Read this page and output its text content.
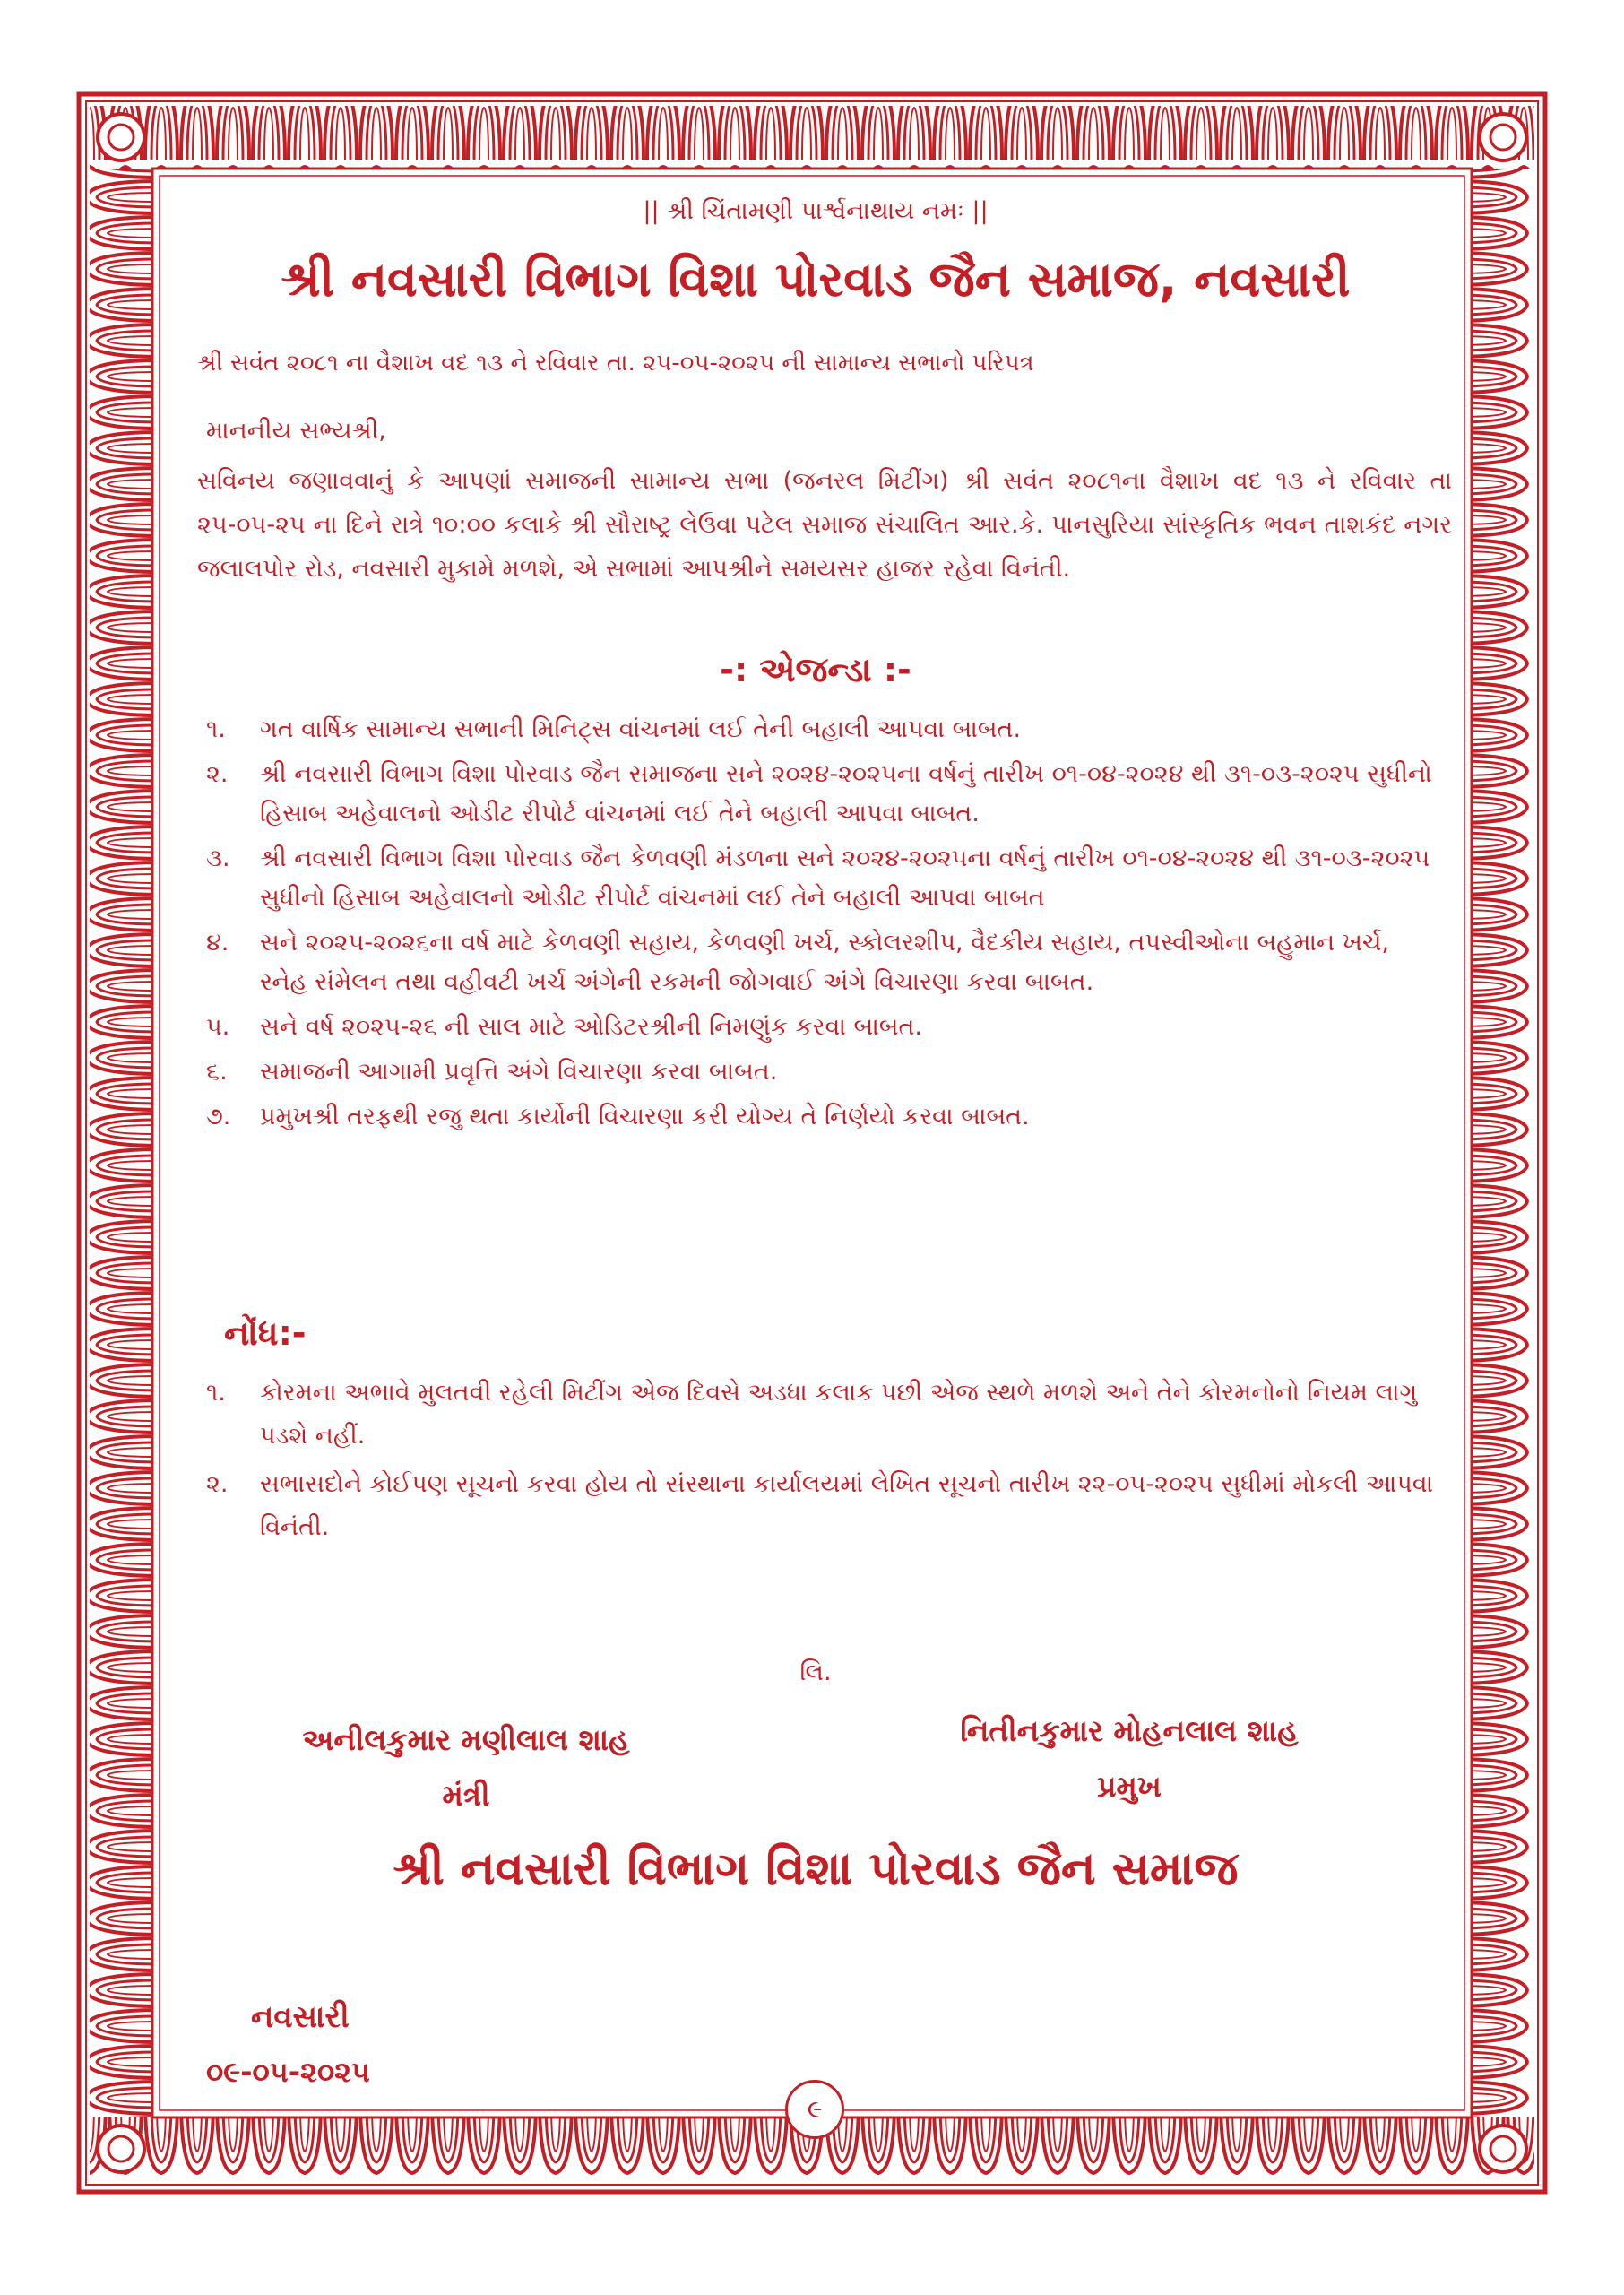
૯
|| શ્રી ચિંતામણી પાર્શ્વનાથાય નમઃ ||
શ્રી નવસારી વિભાગ વિશા પોરવાડ જૈન સમાજ, નવસારી
શ્રી સવંત ૨૦૮૧ ના વૈશાખ વદ ૧૩ ને રવિવાર તા. ૨૫-૦૫-૨૦૨૫ ની સામાન્ય સભાનો પરિપત્ર
માનનીય સભ્યશ્રી,
સવિનય જણાવવાનું કે આપણાં સમાજની સામાન્ય સભા (જનરલ મિટીંગ) શ્રી સવંત ૨૦૮૧ના વૈશાખ વદ ૧૩ ને રવિવાર તા ૨૫-૦૫-૨૫ ના દિને રાત્રે ૧૦:૦૦ કલાકે શ્રી સૌરાષ્ટ્ર લેઉવા પટેલ સમાજ સંચાલિત આર.કે. પાનસુરિયા સાંસ્કૃતિક ભવન તાશકંદ નગર જલાલપોર રોડ, નવસારી મુકામે મળશે, એ સભામાં આપશ્રીને સમયસર હાજર રહેવા વિનંતી.
-: એજન્ડા :-
૧.	ગત વાર્ષિક સામાન્ય સભાની મિનિટ્સ વાંચનમાં લઈ તેની બહાલી આપવા બાબત.
૨.	શ્રી નવસારી વિભાગ વિશા પોરવાડ જૈન સમાજના સને ૨૦૨૪-૨૦૨૫ના વર્ષનું તારીખ ૦૧-૦૪-૨૦૨૪ થી ૩૧-૦૩-૨૦૨૫ સુધીનો હિસાબ અહેવાલનો ઓડીટ રીપોર્ટ વાંચનમાં લઈ તેને બહાલી આપવા બાબત.
૩.	શ્રી નવસારી વિભાગ વિશા પોરવાડ જૈન કેળવણી મંડળના સને ૨૦૨૪-૨૦૨૫ના વર્ષનું તારીખ ૦૧-૦૪-૨૦૨૪ થી ૩૧-૦૩-૨૦૨૫ સુધીનો હિસાબ અહેવાલનો ઓડીટ રીપોર્ટ વાંચનમાં લઈ તેને બહાલી આપવા બાબત
૪.	સને ૨૦૨૫-૨૦૨૬ના વર્ષ માટે કેળવણી સહાય, કેળવણી ખર્ચ, સ્કોલરશીપ, વૈદકીય સહાય, તપસ્વીઓના બહુમાન ખર્ચ, સ્નેહ સંમેલન તથા વહીવટી ખર્ચ અંગેની રકમની જોગવાઈ અંગે વિચારણા કરવા બાબત.
૫.	સને વર્ષ ૨૦૨૫-૨૬ ની સાલ માટે ઓડિટરશ્રીની નિમણુંક કરવા બાબત.
૬.	સમાજની આગામી પ્રવૃત્તિ અંગે વિચારણા કરવા બાબત.
૭.	પ્રમુખશ્રી તરફથી રજુ થતા કાર્યોની વિચારણા કરી યોગ્ય તે નિર્ણયો કરવા બાબત.
નોંધ:-
૧.	કોરમના અભાવે મુલતવી રહેલી મિટીંગ એજ દિવસે અડધા કલાક પછી એજ સ્થળે મળશે અને તેને કોરમનોનો નિયમ લાગુ પડશે નહીં.
૨.	સભાસદોને કોઈપણ સૂચનો કરવા હોય તો સંસ્થાના કાર્યાલયમાં લેખિત સૂચનો તારીખ ૨૨-૦૫-૨૦૨૫ સુધીમાં મોકલી આપવા વિનંતી.
લિ.
અનીલકુમાર મણીલાલ શાહ
મંત્રી
નિતીનકુમાર મોહનલાલ શાહ
પ્રમુખ
શ્રી નવસારી વિભાગ વિશા પોરવાડ જૈન સમાજ
નવસારી
૦૯-૦૫-૨૦૨૫
